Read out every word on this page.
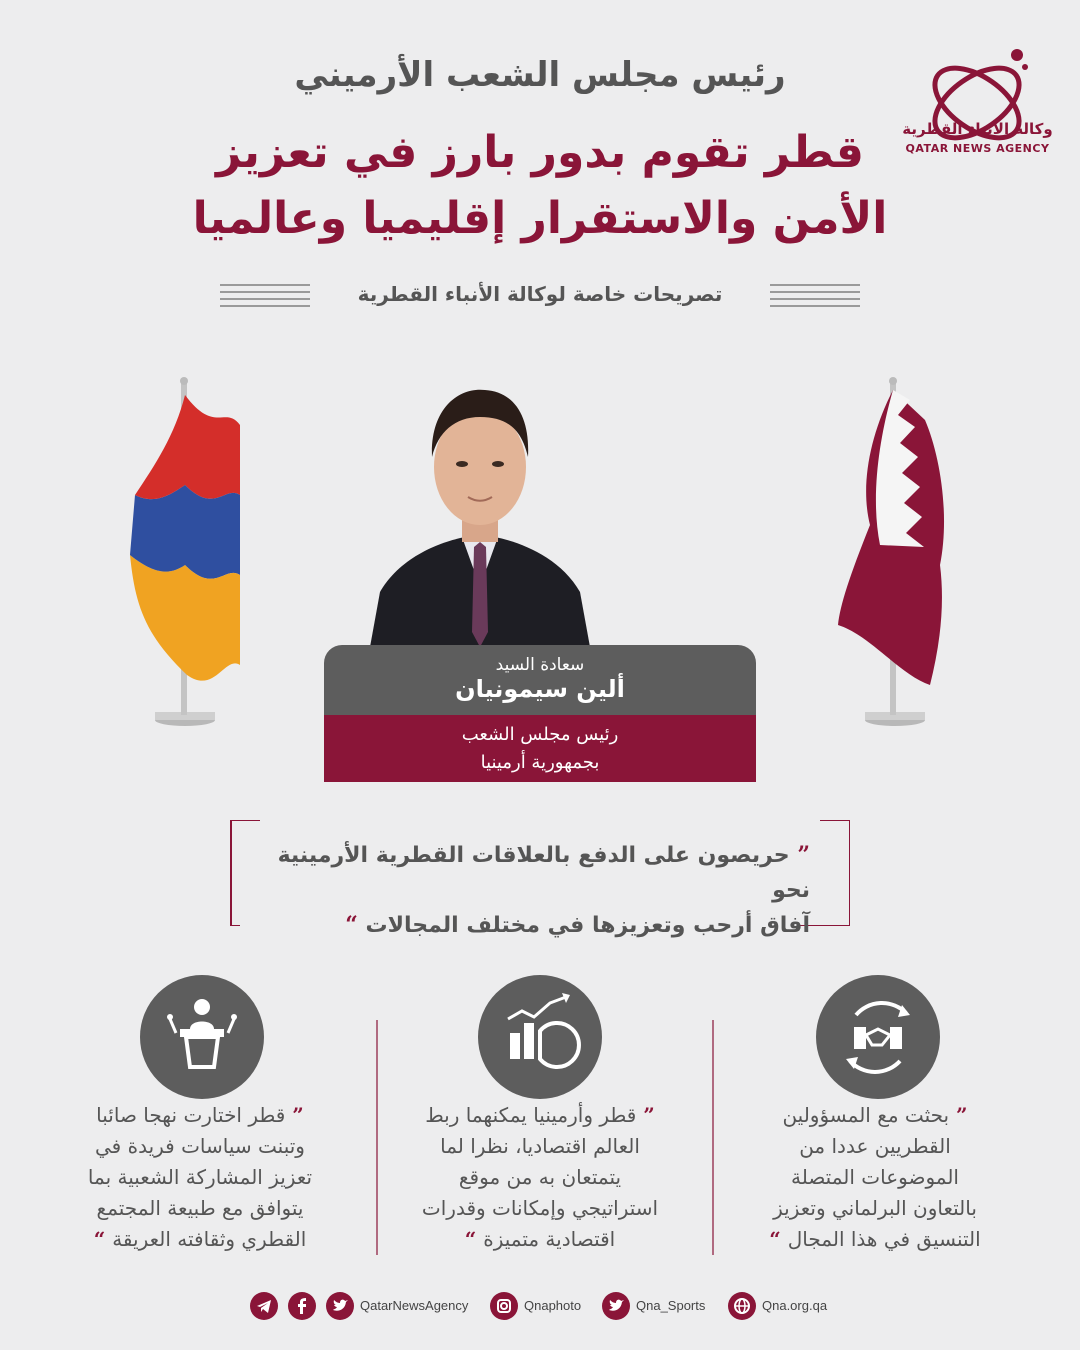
وكالة الأنباء القطرية
QATAR NEWS AGENCY
رئيس مجلس الشعب الأرميني
قطر تقوم بدور بارز في تعزيز
الأمن والاستقرار إقليميا وعالميا
تصريحات خاصة لوكالة الأنباء القطرية
سعادة السيد
ألين سيمونيان
رئيس مجلس الشعب
بجمهورية أرمينيا
” حريصون على الدفع بالعلاقات القطرية الأرمينية نحو
آفاق أرحب وتعزيزها في مختلف المجالات “
” بحثت مع المسؤولين
القطريين عددا من
الموضوعات المتصلة
بالتعاون البرلماني وتعزيز
التنسيق في هذا المجال “
” قطر وأرمينيا يمكنهما ربط
العالم اقتصاديا، نظرا لما
يتمتعان به من موقع
استراتيجي وإمكانات وقدرات
اقتصادية متميزة “
” قطر اختارت نهجا صائبا
وتبنت سياسات فريدة في
تعزيز المشاركة الشعبية بما
يتوافق مع طبيعة المجتمع
القطري وثقافته العريقة “
QatarNewsAgency	Qnaphoto	Qna_Sports	Qna.org.qa
